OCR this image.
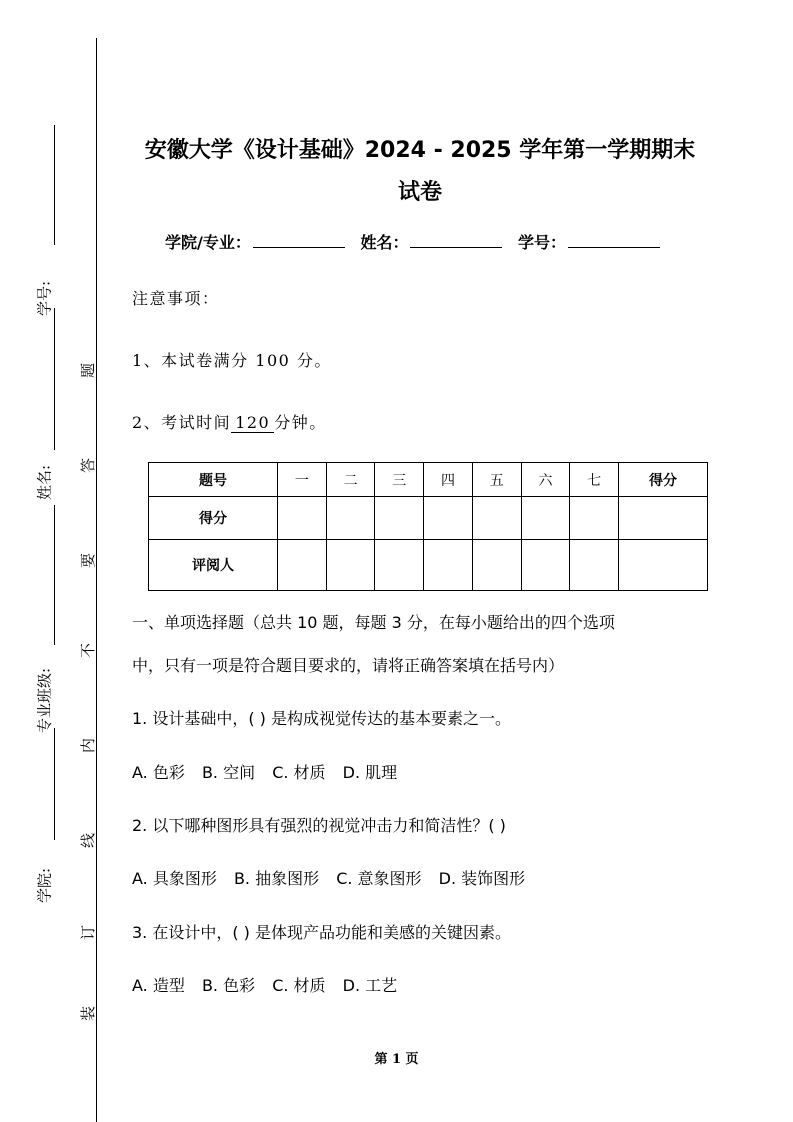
学号:
姓名:
专业班级:
学院:
题
答
要
不
内
线
订
装
安徽大学《设计基础》2024 - 2025 学年第一学期期末
试卷
学院/专业：	姓名：	学号：
注意事项：
1、本试卷满分 100 分。
2、考试时间 120 分钟。
题号	一	二	三	四	五	六	七	得分
得分								
评阅人								
一、单项选择题（总共 10 题，每题 3 分，在每小题给出的四个选项
中，只有一项是符合题目要求的，请将正确答案填在括号内）
1. 设计基础中，( ) 是构成视觉传达的基本要素之一。
A. 色彩 B. 空间 C. 材质 D. 肌理
2. 以下哪种图形具有强烈的视觉冲击力和简洁性？( )
A. 具象图形 B. 抽象图形 C. 意象图形 D. 装饰图形
3. 在设计中，( ) 是体现产品功能和美感的关键因素。
A. 造型 B. 色彩 C. 材质 D. 工艺
第 1 页
